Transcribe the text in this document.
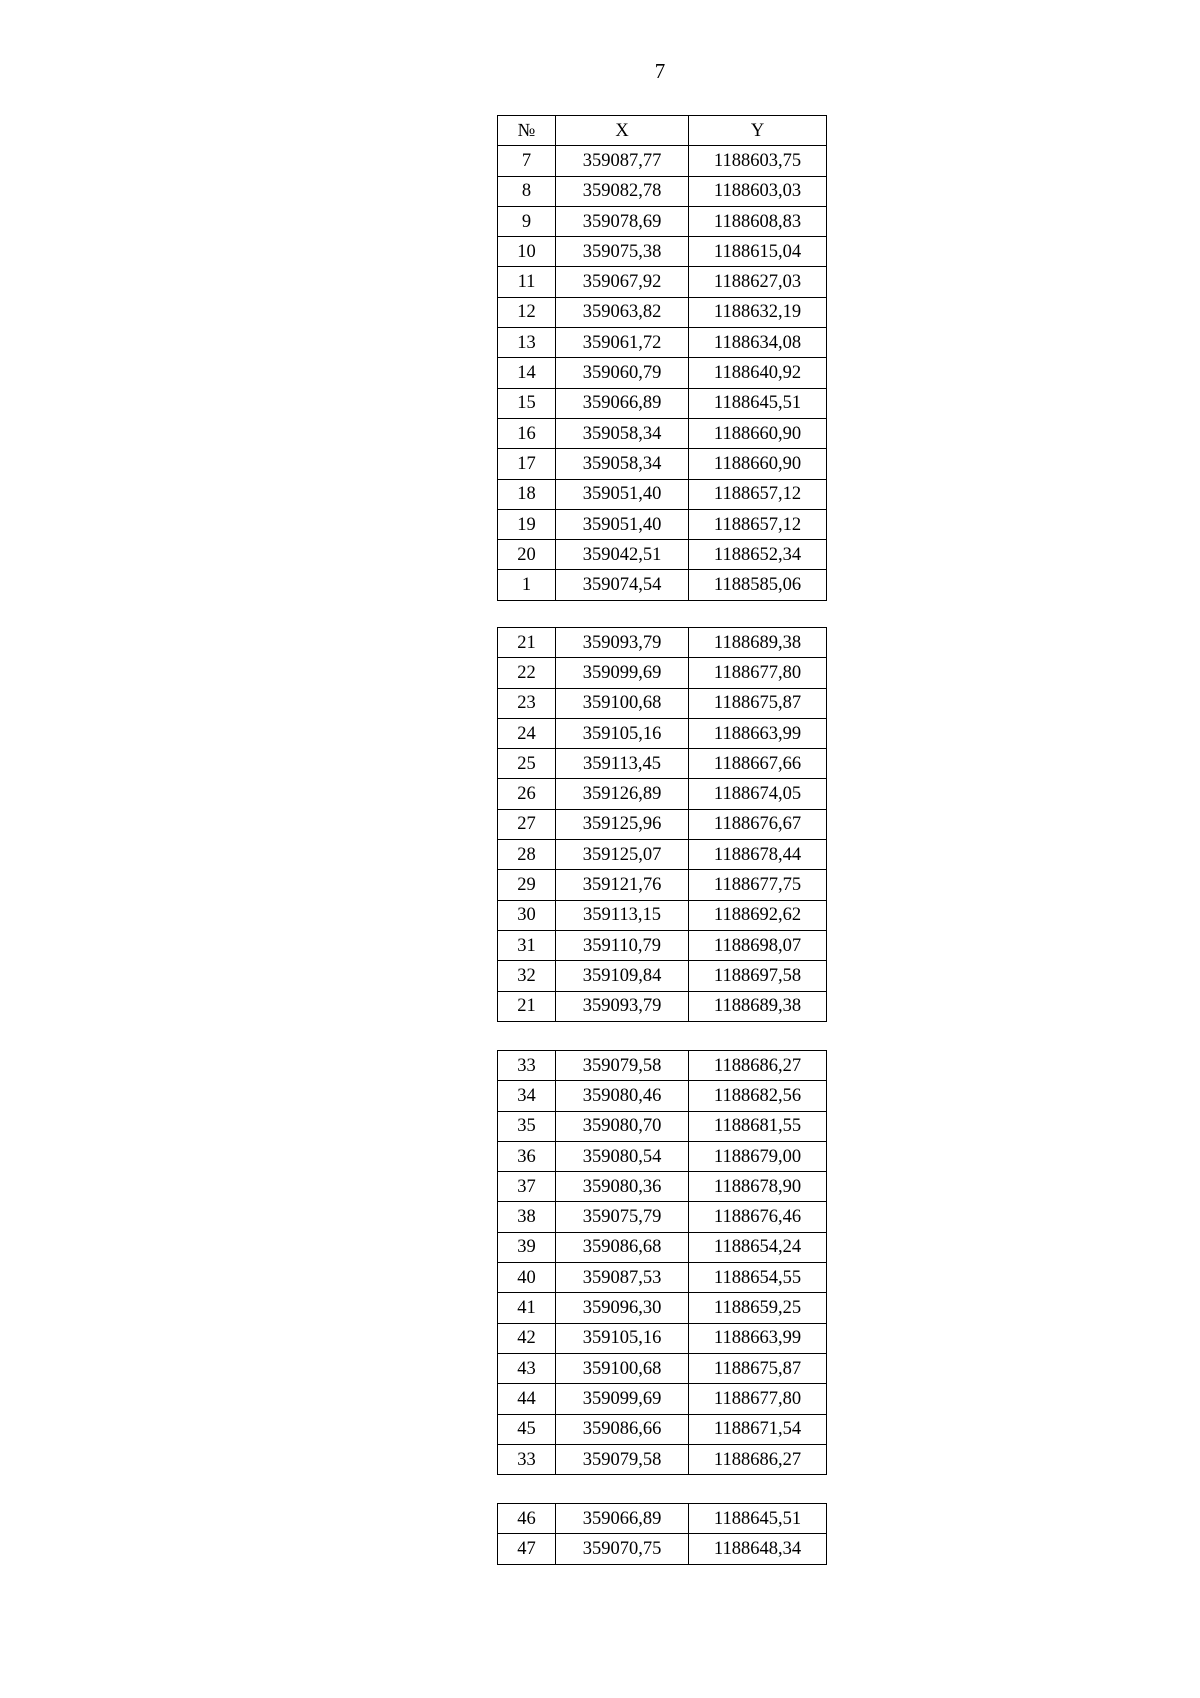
7
№	X	Y
7	359087,77	1188603,75
8	359082,78	1188603,03
9	359078,69	1188608,83
10	359075,38	1188615,04
11	359067,92	1188627,03
12	359063,82	1188632,19
13	359061,72	1188634,08
14	359060,79	1188640,92
15	359066,89	1188645,51
16	359058,34	1188660,90
17	359058,34	1188660,90
18	359051,40	1188657,12
19	359051,40	1188657,12
20	359042,51	1188652,34
1	359074,54	1188585,06
21	359093,79	1188689,38
22	359099,69	1188677,80
23	359100,68	1188675,87
24	359105,16	1188663,99
25	359113,45	1188667,66
26	359126,89	1188674,05
27	359125,96	1188676,67
28	359125,07	1188678,44
29	359121,76	1188677,75
30	359113,15	1188692,62
31	359110,79	1188698,07
32	359109,84	1188697,58
21	359093,79	1188689,38
33	359079,58	1188686,27
34	359080,46	1188682,56
35	359080,70	1188681,55
36	359080,54	1188679,00
37	359080,36	1188678,90
38	359075,79	1188676,46
39	359086,68	1188654,24
40	359087,53	1188654,55
41	359096,30	1188659,25
42	359105,16	1188663,99
43	359100,68	1188675,87
44	359099,69	1188677,80
45	359086,66	1188671,54
33	359079,58	1188686,27
46	359066,89	1188645,51
47	359070,75	1188648,34
